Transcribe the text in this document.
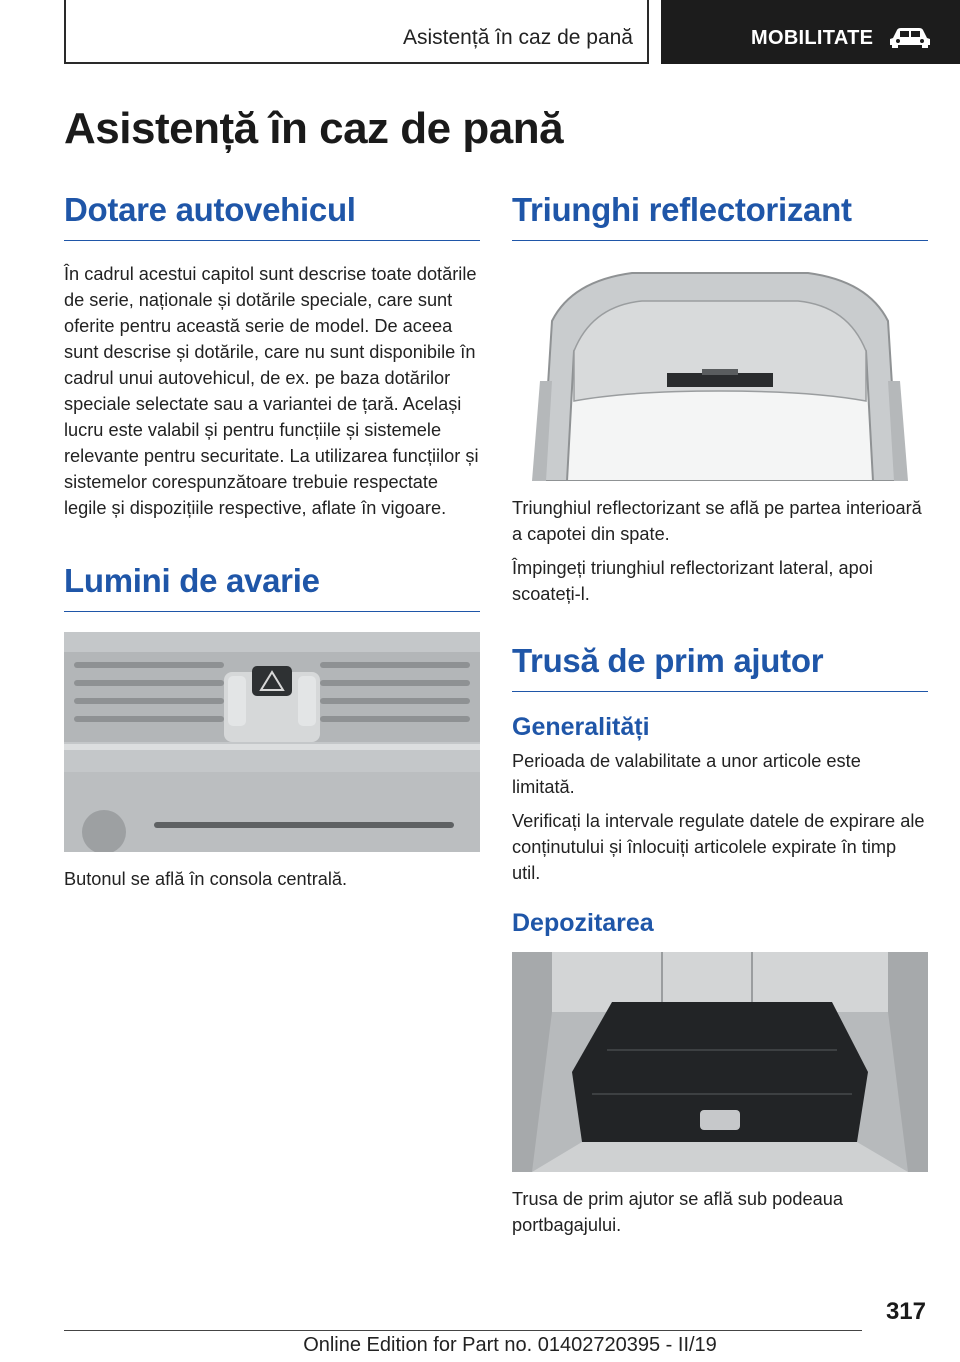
Asistență în caz de pană	MOBILITATE
Asistență în caz de pană
Dotare autovehicul

În cadrul acestui capitol sunt descrise toate dotările de serie, naționale și dotările speciale, care sunt oferite pentru această serie de model. De aceea sunt descrise și dotările, care nu sunt disponibile în cadrul unui autovehicul, de ex. pe baza dotărilor speciale selectate sau a variantei de țară. Același lucru este valabil și pentru funcțiile și sistemele relevante pentru securitate. La utilizarea funcțiilor și sistemelor corespunzătoare trebuie respectate legile și dispozițiile respective, aflate în vigoare.

Lumini de avarie

Butonul se află în consola centrală.

Triunghi reflectorizant

Triunghiul reflectorizant se află pe partea interioară a capotei din spate.

Împingeți triunghiul reflectorizant lateral, apoi scoateți-l.

Trusă de prim ajutor
Generalități

Perioada de valabilitate a unor articole este limitată.

Verificați la intervale regulate datele de expirare ale conținutului și înlocuiți articolele expirate în timp util.

Depozitarea

Trusa de prim ajutor se află sub podeaua portbagajului.

317
Online Edition for Part no. 01402720395 - II/19
